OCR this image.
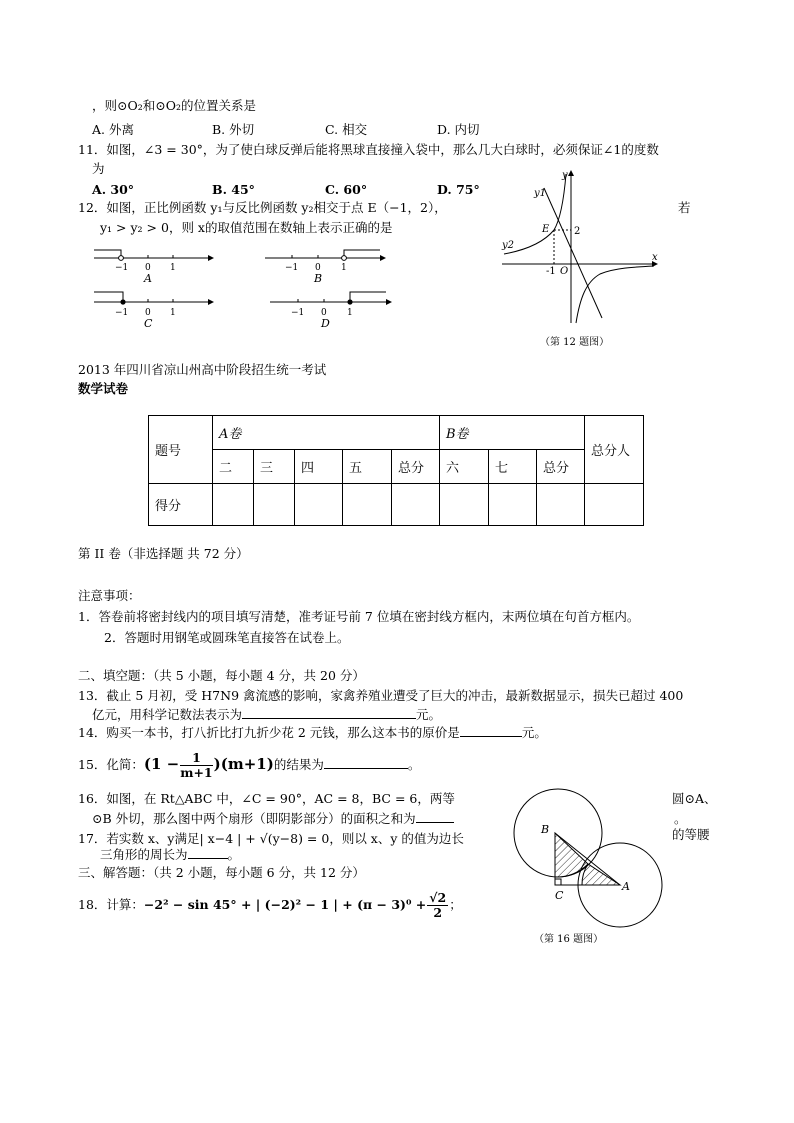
，则⊙O₂和⊙O₂的位置关系是
A. 外离	B. 外切	C. 相交	D. 内切
11．如图，∠3 = 30°，为了使白球反弹后能将黑球直接撞入袋中，那么几大白球时，必须保证∠1的度数
为
A. 30°	B. 45°	C. 60°	D. 75°
12．如图，正比例函数 y₁与反比例函数 y₂相交于点 E（−1，2），	若
y₁ > y₂ > 0，则 x的取值范围在数轴上表示正确的是
−1 0 1
A
−1 0 1
C
−1 0 1
B
−1 0 1
D
y
x
y1
y2
E 2
-1 O
（第 12 题图）
2013 年四川省凉山州高中阶段招生统一考试
数学试卷
题号	A卷					B卷			总分人
	二	三	四	五	总分	六	七	总分	
得分									
第 II 卷（非选择题 共 72 分）
注意事项：
1．答卷前将密封线内的项目填写清楚，准考证号前 7 位填在密封线方框内，末两位填在句首方框内。
2．答题时用钢笔或圆珠笔直接答在试卷上。
二、填空题：（共 5 小题，每小题 4 分，共 20 分）
13．截止 5 月初，受 H7N9 禽流感的影响，家禽养殖业遭受了巨大的冲击，最新数据显示，损失已超过 400
亿元，用科学记数法表示为	元。
14．购买一本书，打八折比打九折少花 2 元钱，那么这本书的原价是	元。
15．化简：$(1 - \frac{1}{m+1} )(m+1)$的结果为	。
16．如图，在 Rt△ABC 中，∠C = 90°，AC = 8，BC = 6，两等	圆⊙A、
⊙B 外切，那么图中两个扇形（即阴影部分）的面积之和为	。
17．若实数 x、y满足| x−4 | + √(y−8) = 0，则以 x、y 的值为边长	的等腰
三角形的周长为	。
B
C
A
（第 16 题图）
三、解答题：（共 2 小题，每小题 6 分，共 12 分）
18．计算：−2² − sin 45° + | (−2)² − 1 | + $(\pi - 3)^0 + \frac{√2}{2}$ ；
